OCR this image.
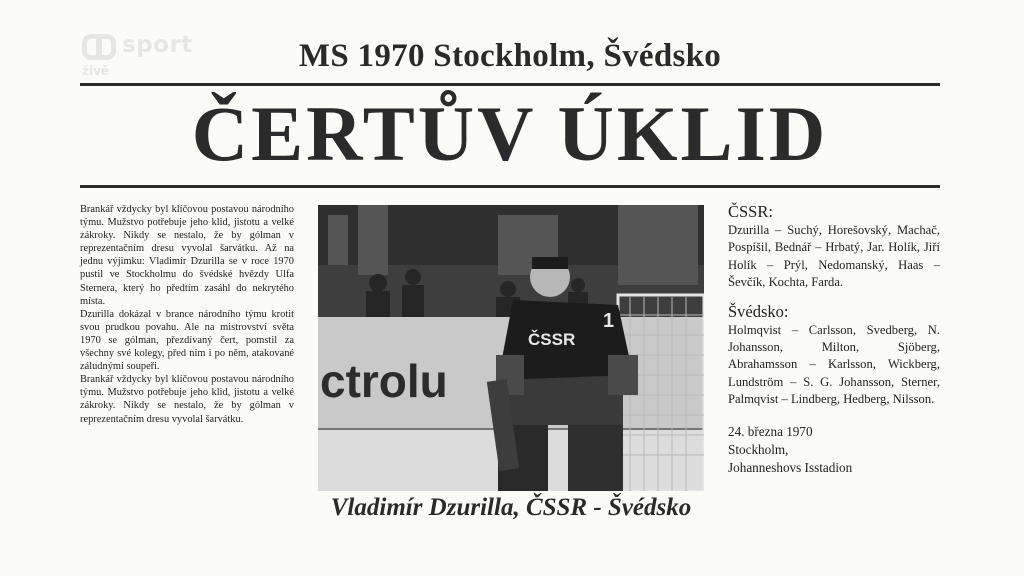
sport
živě	MS 1970 Stockholm, Švédsko
ČERTŮV ÚKLID

Brankář vždycky byl klíčovou postavou národního týmu. Mužstvo potřebuje jeho klid, jistotu a velké zákroky. Nikdy se nestalo, že by gólman v reprezentačním dresu vyvolal šarvátku. Až na jednu výjimku: Vladimír Dzurilla se v roce 1970 pustil ve Stockholmu do švédské hvězdy Ulfa Sternera, který ho předtím zasáhl do nekrytého místa.

Dzurilla dokázal v brance národního týmu krotit svou prudkou povahu. Ale na mistrovství světa 1970 se gólman, přezdívaný čert, pomstil za všechny své kolegy, před ním i po něm, atakované záludnými soupeři.

Brankář vždycky byl klíčovou postavou národního týmu. Mužstvo potřebuje jeho klid, jistotu a velké zákroky. Nikdy se nestalo, že by gólman v reprezentačním dresu vyvolal šarvátku.

ctrolu
ČSSR
1
Vladimír Dzurilla, ČSSR - Švédsko

ČSSR:

Dzurilla – Suchý, Horešovský, Machač, Pospíšil, Bednář – Hrbatý, Jar. Holík, Jiří Holík – Prýl, Nedomanský, Haas – Ševčík, Kochta, Farda.

Švédsko:

Holmqvist – Carlsson, Svedberg, N. Johansson, Milton, Sjöberg, Abrahamsson – Karlsson, Wickberg, Lundström – S. G. Johansson, Sterner, Palmqvist – Lindberg, Hedberg, Nilsson.

24. března 1970
Stockholm,
Johanneshovs Isstadion
